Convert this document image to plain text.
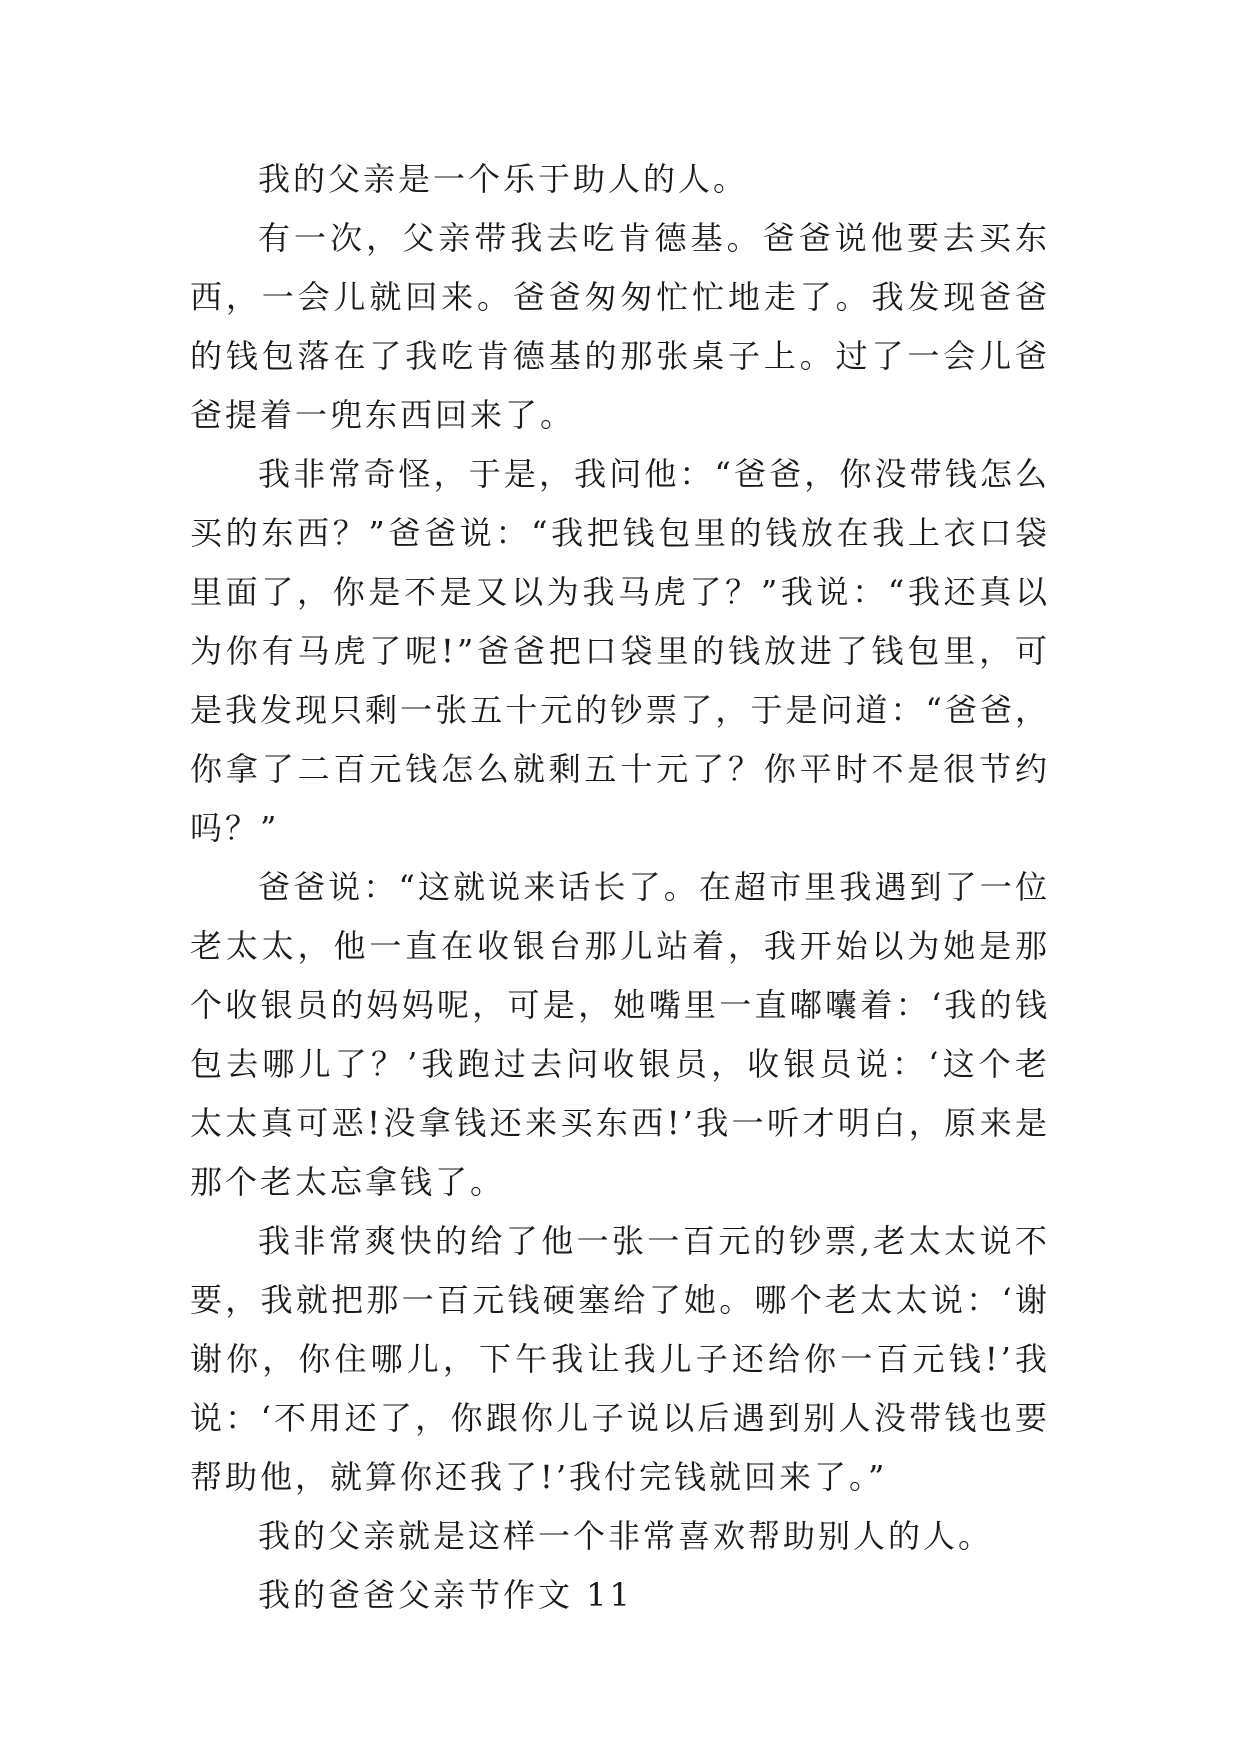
我的父亲是一个乐于助人的人。

有一次，父亲带我去吃肯德基。爸爸说他要去买东西，一会儿就回来。爸爸匆匆忙忙地走了。我发现爸爸的钱包落在了我吃肯德基的那张桌子上。过了一会儿爸爸提着一兜东西回来了。

我非常奇怪，于是，我问他：“爸爸，你没带钱怎么买的东西？”爸爸说：“我把钱包里的钱放在我上衣口袋里面了，你是不是又以为我马虎了？”我说：“我还真以为你有马虎了呢!”爸爸把口袋里的钱放进了钱包里，可是我发现只剩一张五十元的钞票了，于是问道：“爸爸，你拿了二百元钱怎么就剩五十元了？你平时不是很节约吗？”

爸爸说：“这就说来话长了。在超市里我遇到了一位老太太，他一直在收银台那儿站着，我开始以为她是那个收银员的妈妈呢，可是，她嘴里一直嘟囔着：‘我的钱包去哪儿了？’我跑过去问收银员，收银员说：‘这个老太太真可恶!没拿钱还来买东西!’我一听才明白，原来是那个老太忘拿钱了。

我非常爽快的给了他一张一百元的钞票,老太太说不要，我就把那一百元钱硬塞给了她。哪个老太太说：‘谢谢你，你住哪儿，下午我让我儿子还给你一百元钱!’我说：‘不用还了，你跟你儿子说以后遇到别人没带钱也要帮助他，就算你还我了!’我付完钱就回来了。”

我的父亲就是这样一个非常喜欢帮助别人的人。

我的爸爸父亲节作文 11
